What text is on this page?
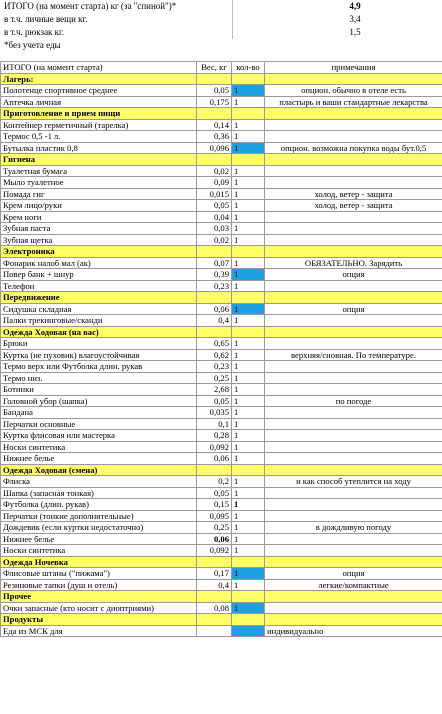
ИТОГО (на момент старта) кг (за "спиной")*	4,9
в т.ч. личные вещи кг.	3,4
в т.ч. рюкзак кг.	1,5
*без учета еды
ИТОГО (на момент старта)	Вес, кг	кол-во	примечания
Лагерь:			
Полотенце спортивное среднее	0,05	1	опцион. обычно в отеле есть
Аптечка личная	0,175	1	пластырь и ваши стандартные лекарства
Приготовление и прием пищи			
Контейнер герметичный (тарелка)	0,14	1	
Термос 0,5 -1 л.	0,36	1	
Бутылка пластик 0,8	0,096	1	опцион. возможна покупка воды бут.0,5
Гигиена			
Туалетная бумага	0,02	1	
Мыло туалетное	0,09	1	
Помада гиг	0,015	1	холод, ветер - защита
Крем лицо/руки	0,05	1	холод, ветер - защита
Крем ноги	0,04	1	
Зубная паста	0,03	1	
Зубная щетка	0,02	1	
Электроника			
Фонарик налоб мал (ак)	0,07	1	ОБЯЗАТЕЛЬНО. Зарядить
Повер банк + шнур	0,39	1	опция
Телефон	0,23	1	
Передвижение			
Сидушка складная	0,06	1	опция
Палки трекинговые/сканди	0,4	1	
Одежда Ходовая (на вас)			
Брюки	0,65	1	
Куртка (не пуховик) влагоустойчивая	0,62	1	верхняя/сновная. По температуре.
Термо верх или Футболка длин. рукав	0,23	1	
Термо низ.	0,25	1	
Ботинки	2,68	1	
Головной убор (шапка)	0,05	1	по погоде
Бандана	0,035	1	
Перчатки основные	0,1	1	
Куртка флисовая или мастерка	0,28	1	
Носки синтетика	0,092	1	
Нижнее белье	0,06	1	
Одежда Ходовая (смена)			
Флиска	0,2	1	и как способ утеплится на ходу
Шапка (запасная тонкая)	0,05	1	
Футболка (длин. рукав)	0,15	1	
Перчатки (тонкие дополнительные)	0,095	1	
Дождевик (если куртки недостаточно)	0,25	1	в дождливую погоду
Нижнее белье	0,06	1	
Носки синтетика	0,092	1	
Одежда Ночевка			
Флисовые штаны ("пижама")	0,17	1	опция
Резиновые тапки (душ и отель)	0,4	1	легкие/компактные
Прочее			
Очки запасные (кто носит с диоптриями)	0,08	1	
Продукты			
Еда из МСК для			индивидуально
